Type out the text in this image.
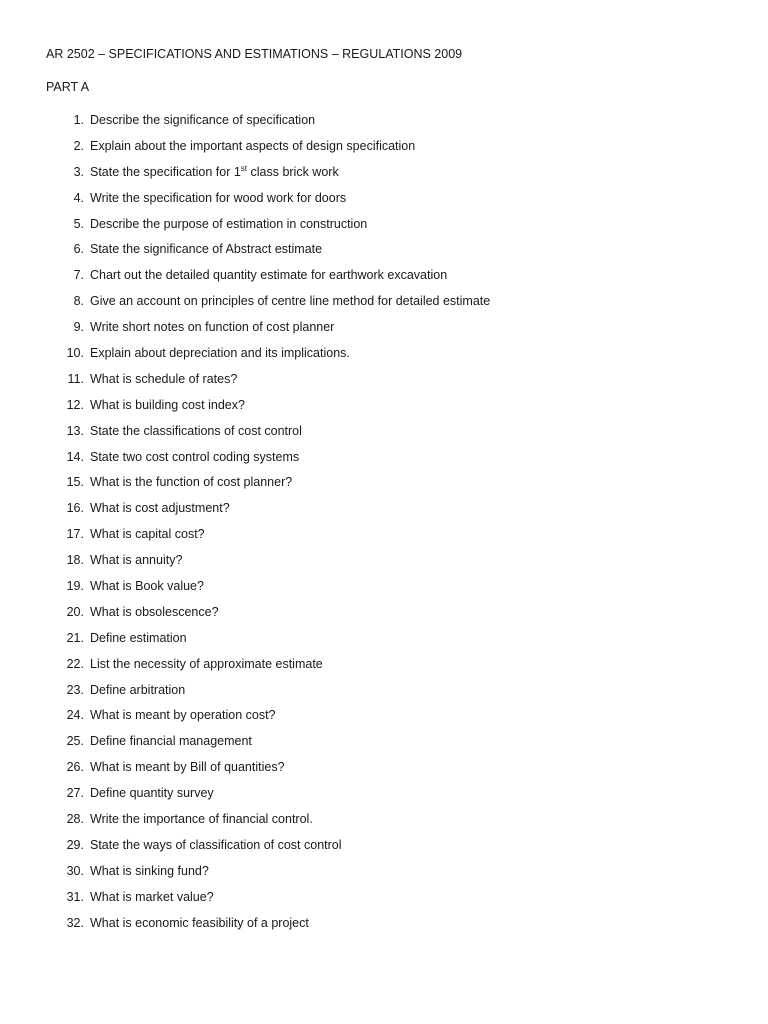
AR 2502 – SPECIFICATIONS AND ESTIMATIONS – REGULATIONS 2009
PART A
1. Describe the significance of specification
2. Explain about the important aspects of design specification
3. State the specification for 1st class brick work
4. Write the specification for wood work for doors
5. Describe the purpose of estimation in construction
6. State the significance of Abstract estimate
7. Chart out the detailed quantity estimate for earthwork excavation
8. Give an account on principles of centre line method for detailed estimate
9. Write short notes on function of cost planner
10. Explain about depreciation and its implications.
11. What is schedule of rates?
12. What is building cost index?
13. State the classifications of cost control
14. State two cost control coding systems
15. What is the function of cost planner?
16. What is cost adjustment?
17. What is capital cost?
18. What is annuity?
19. What is Book value?
20. What is obsolescence?
21. Define estimation
22. List the necessity of approximate estimate
23. Define arbitration
24. What is meant by operation cost?
25. Define financial management
26. What is meant by Bill of quantities?
27. Define quantity survey
28. Write the importance of financial control.
29. State the ways of classification of cost control
30. What is sinking fund?
31. What is market value?
32. What is economic feasibility of a project
